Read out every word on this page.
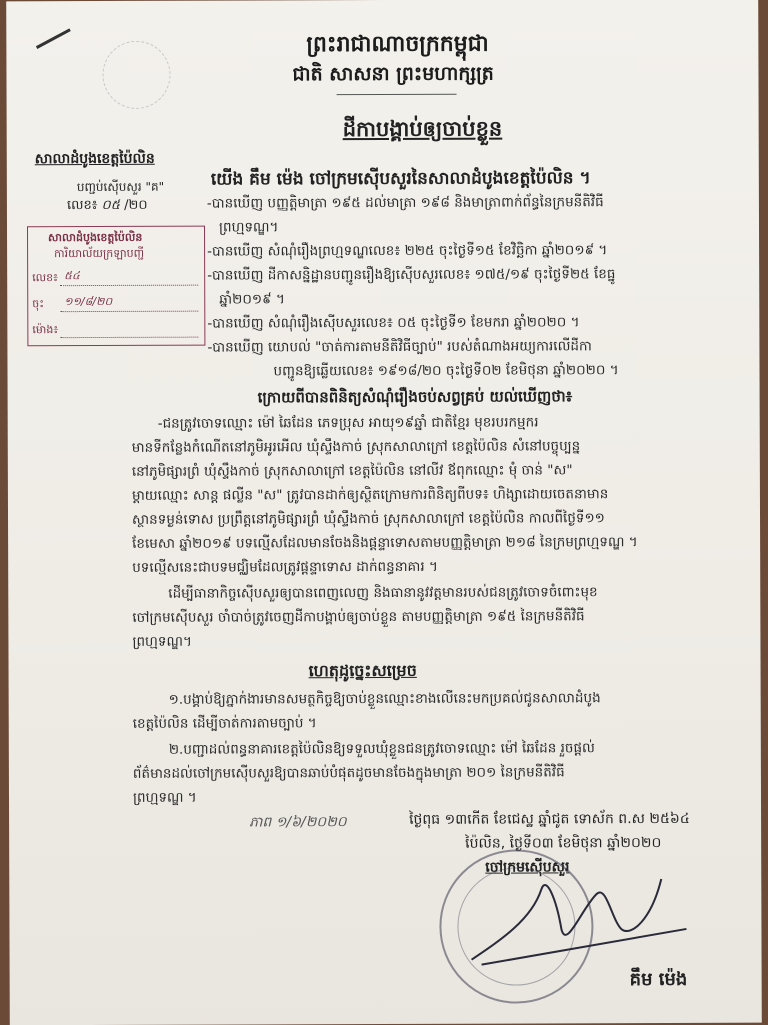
ព្រះរាជាណាចក្រកម្ពុជា
ជាតិ សាសនា ព្រះមហាក្សត្រ
ដីកាបង្គាប់ឲ្យចាប់ខ្លួន
សាលាដំបូងខេត្តប៉ៃលិន
បញ្ជប់ស៊ើបសួរ "គ"
លេខ៖ ០៥ /២០
យើង គឹម ម៉េង ចៅក្រមស៊ើបសួរនៃសាលាដំបូងខេត្តប៉ៃលិន ។
សាលាដំបូងខេត្តប៉ៃលិន
ការិយាល័យក្រឡាបញ្ជី
លេខ៖ ៥៤
ចុះ	១១/៨/២០
ម៉ោង៖
-បានឃើញ បញ្ញត្តិមាត្រា ១៩៥ ដល់មាត្រា ១៩៨ និងមាត្រាពាក់ព័ន្ធនៃក្រមនីតិវិធី
ព្រហ្មទណ្ឌ។
-បានឃើញ សំណុំរឿងព្រហ្មទណ្ឌលេខ៖ ២២៥ ចុះថ្ងៃទី១៥ ខែវិច្ឆិកា ឆ្នាំ២០១៩ ។
-បានឃើញ ដីកាសន្និដ្ឋានបញ្ជូនរឿងឱ្យស៊ើបសួរលេខ៖ ១៧៥/១៩ ចុះថ្ងៃទី២៥ ខែធ្នូ
ឆ្នាំ២០១៩ ។
-បានឃើញ សំណុំរឿងស៊ើបសួរលេខ៖ ០៥ ចុះថ្ងៃទី១ ខែមករា ឆ្នាំ២០២០ ។
-បានឃើញ យោបល់ "ចាត់ការតាមនីតិវិធីច្បាប់" របស់តំណាងអយ្យការលើដីកា
បញ្ជូនឱ្យឆ្លើយលេខ៖ ១៩១៨/២០ ចុះថ្ងៃទី០២ ខែមិថុនា ឆ្នាំ២០២០ ។
ក្រោយពីបានពិនិត្យសំណុំរឿងចប់សព្វគ្រប់ យល់ឃើញថា៖
-ជនត្រូវចោទឈ្មោះ ម៉ៅ ឆៃដែន ភេទប្រុស អាយុ១៩ឆ្នាំ ជាតិខ្មែរ មុខរបរកម្មករ
មានទីកន្លែងកំណើតនៅភូមិអូរអើល ឃុំស្ទឹងកាច់ ស្រុកសាលាក្រៅ ខេត្តប៉ៃលិន សំនៅបច្ចុប្បន្ន
នៅភូមិផ្សារព្រំ ឃុំស្ទឹងកាច់ ស្រុកសាលាក្រៅ ខេត្តប៉ៃលិន នៅលីវ ឪពុកឈ្មោះ មុំ ចាន់ "ស"
ម្ដាយឈ្មោះ សាន្ត ផល្លីន "ស" ត្រូវបានដាក់ឲ្យស្ថិតក្រោមការពិនិត្យពីបទ៖ ហិង្សាដោយចេតនាមាន
ស្ថានទម្ងន់ទោស ប្រព្រឹត្តនៅភូមិផ្សារព្រំ ឃុំស្ទឹងកាច់ ស្រុកសាលាក្រៅ ខេត្តប៉ៃលិន កាលពីថ្ងៃទី១១
ខែមេសា ឆ្នាំ២០១៩ បទល្មើសដែលមានចែងនិងផ្ដន្ទាទោសតាមបញ្ញត្តិមាត្រា ២១៨ នៃក្រមព្រហ្មទណ្ឌ ។
បទល្មើសនេះជាបទមជ្ឈិមដែលត្រូវផ្ដន្ទាទោស ដាក់ពន្ធនាគារ ។
ដើម្បីធានាកិច្ចស៊ើបសួរឲ្យបានពេញលេញ និងធានានូវវត្តមានរបស់ជនត្រូវចោទចំពោះមុខ
ចៅក្រមស៊ើបសួរ ចាំបាច់ត្រូវចេញដីកាបង្គាប់ឲ្យចាប់ខ្លួន តាមបញ្ញត្តិមាត្រា ១៩៥ នៃក្រមនីតិវិធី
ព្រហ្មទណ្ឌ។
ហេតុដូច្នេះសម្រេច
១.បង្គាប់ឱ្យភ្នាក់ងារមានសមត្ថកិច្ចឱ្យចាប់ខ្លួនឈ្មោះខាងលើនេះមកប្រគល់ជូនសាលាដំបូង
ខេត្តប៉ៃលិន ដើម្បីចាត់ការតាមច្បាប់ ។
២.បញ្ជាដល់ពន្ធនាគារខេត្តប៉ៃលិនឱ្យទទួលឃុំខ្លួនជនត្រូវចោទឈ្មោះ ម៉ៅ ឆៃដែន រួចផ្ដល់
ព័ត៌មានដល់ចៅក្រមស៊ើបសួរឱ្យបានឆាប់បំផុតដូចមានចែងក្នុងមាត្រា ២០១ នៃក្រមនីតិវិធី
ព្រហ្មទណ្ឌ ។
ភាព ១/៦/២០២០	ថ្ងៃពុធ ១៣កើត ខែជេស្ឋ ឆ្នាំជូត ទោស័ក ព.ស ២៥៦៤
ប៉ៃលិន, ថ្ងៃទី០៣ ខែមិថុនា ឆ្នាំ២០២០
ចៅក្រមស៊ើបសួរ
គឹម ម៉េង
